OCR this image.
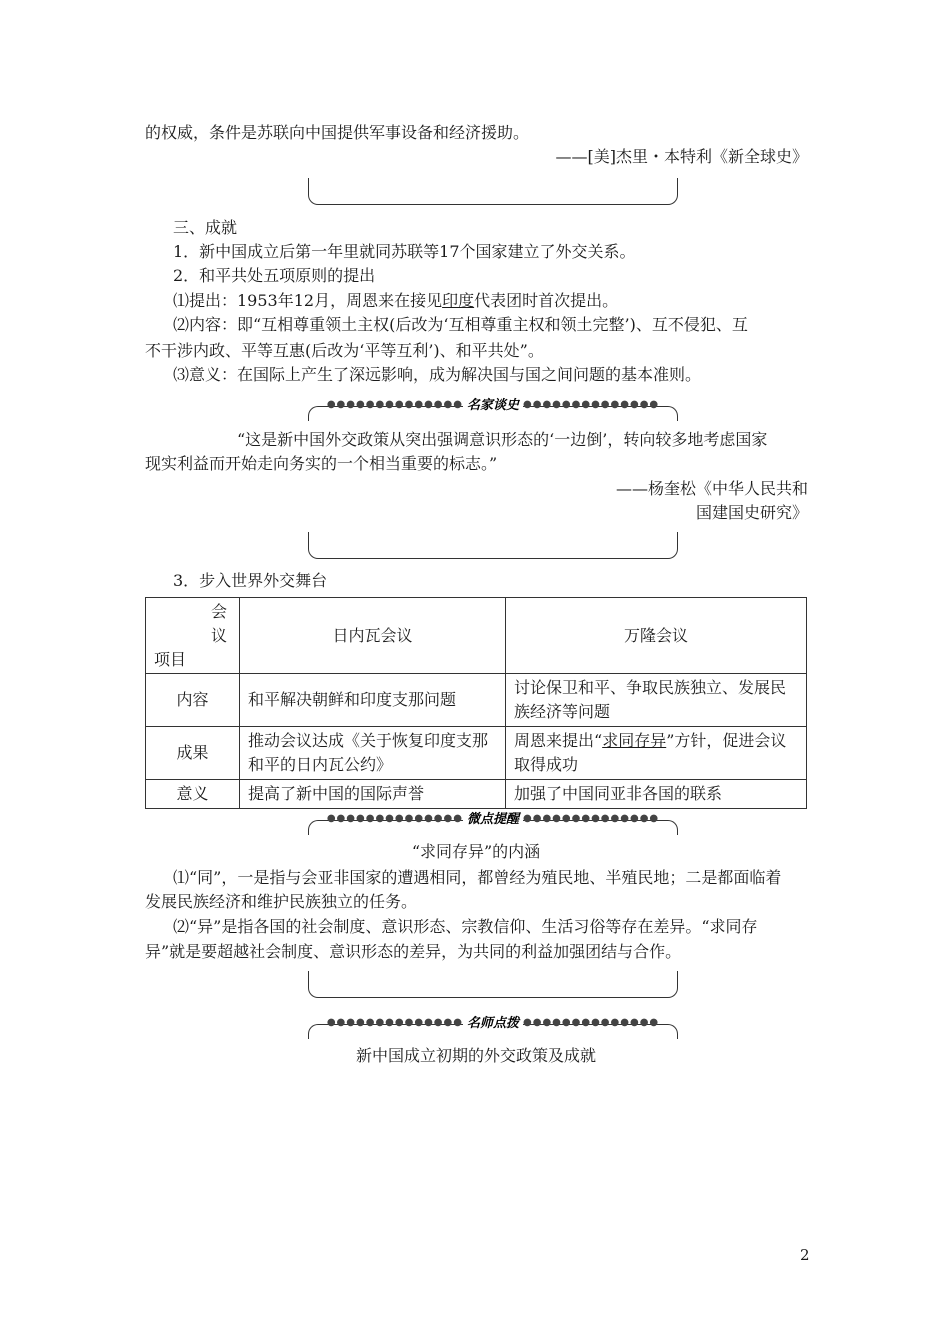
的权威，条件是苏联向中国提供军事设备和经济援助。
——[美]杰里・本特利《新全球史》
三、成就
1．新中国成立后第一年里就同苏联等17个国家建立了外交关系。
2．和平共处五项原则的提出
⑴提出：1953年12月，周恩来在接见印度代表团时首次提出。
⑵内容：即“互相尊重领土主权(后改为‘互相尊重主权和领土完整’)、互不侵犯、互
不干涉内政、平等互惠(后改为‘平等互利’)、和平共处”。
⑶意义：在国际上产生了深远影响，成为解决国与国之间问题的基本准则。
●●●●●●●●●●●●●● 名家谈史 ●●●●●●●●●●●●●●
“这是新中国外交政策从突出强调意识形态的‘一边倒’，转向较多地考虑国家
现实利益而开始走向务实的一个相当重要的标志。”
——杨奎松《中华人民共和
国建国史研究》
3．步入世界外交舞台
会
议
项目	日内瓦会议	万隆会议
内容	和平解决朝鲜和印度支那问题	讨论保卫和平、争取民族独立、发展民族经济等问题
成果	推动会议达成《关于恢复印度支那和平的日内瓦公约》	周恩来提出“求同存异”方针，促进会议取得成功
意义	提高了新中国的国际声誉	加强了中国同亚非各国的联系
●●●●●●●●●●●●●● 微点提醒 ●●●●●●●●●●●●●●
“求同存异”的内涵
⑴“同”，一是指与会亚非国家的遭遇相同，都曾经为殖民地、半殖民地；二是都面临着
发展民族经济和维护民族独立的任务。
⑵“异”是指各国的社会制度、意识形态、宗教信仰、生活习俗等存在差异。“求同存
异”就是要超越社会制度、意识形态的差异，为共同的利益加强团结与合作。
●●●●●●●●●●●●●● 名师点拨 ●●●●●●●●●●●●●●
新中国成立初期的外交政策及成就
2
